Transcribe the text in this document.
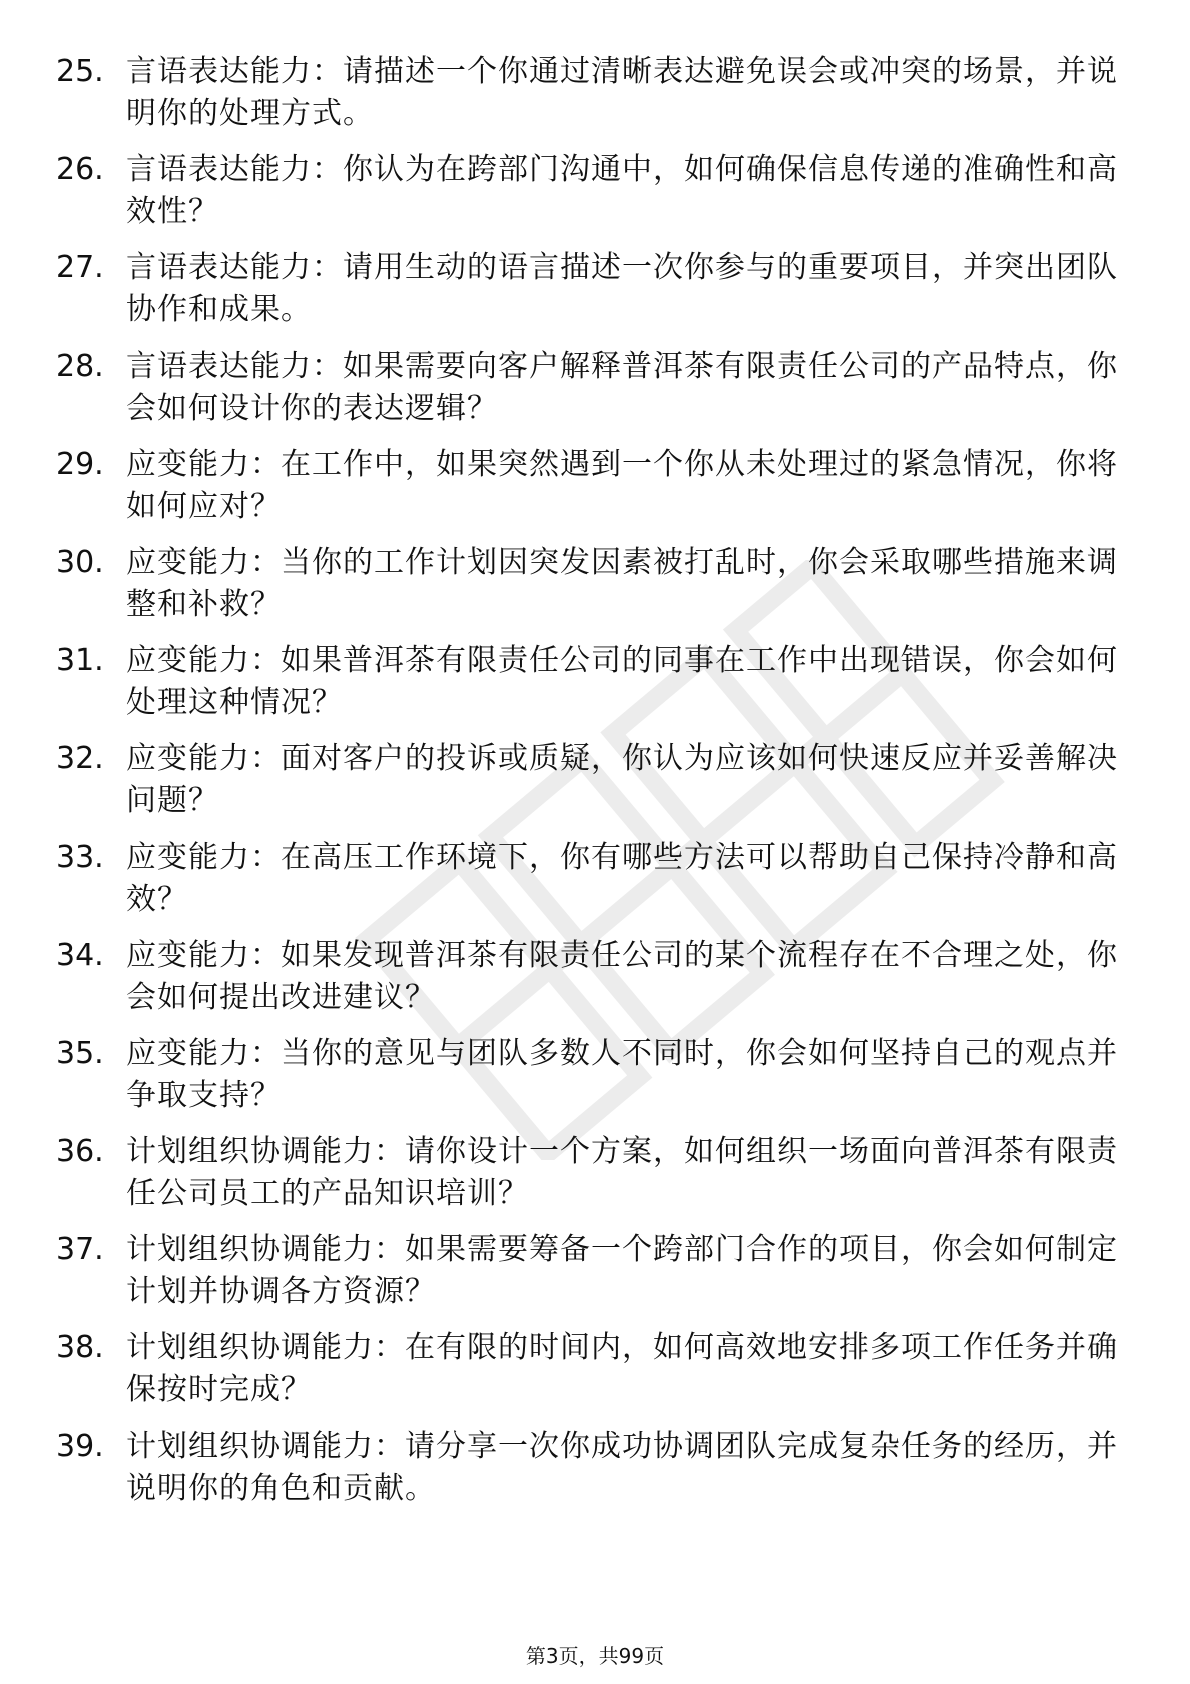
25. 言语表达能力：请描述一个你通过清晰表达避免误会或冲突的场景，并说明你的处理方式。
26. 言语表达能力：你认为在跨部门沟通中，如何确保信息传递的准确性和高效性？
27. 言语表达能力：请用生动的语言描述一次你参与的重要项目，并突出团队协作和成果。
28. 言语表达能力：如果需要向客户解释普洱茶有限责任公司的产品特点，你会如何设计你的表达逻辑？
29. 应变能力：在工作中，如果突然遇到一个你从未处理过的紧急情况，你将如何应对？
30. 应变能力：当你的工作计划因突发因素被打乱时，你会采取哪些措施来调整和补救？
31. 应变能力：如果普洱茶有限责任公司的同事在工作中出现错误，你会如何处理这种情况？
32. 应变能力：面对客户的投诉或质疑，你认为应该如何快速反应并妥善解决问题？
33. 应变能力：在高压工作环境下，你有哪些方法可以帮助自己保持冷静和高效？
34. 应变能力：如果发现普洱茶有限责任公司的某个流程存在不合理之处，你会如何提出改进建议？
35. 应变能力：当你的意见与团队多数人不同时，你会如何坚持自己的观点并争取支持？
36. 计划组织协调能力：请你设计一个方案，如何组织一场面向普洱茶有限责任公司员工的产品知识培训？
37. 计划组织协调能力：如果需要筹备一个跨部门合作的项目，你会如何制定计划并协调各方资源？
38. 计划组织协调能力：在有限的时间内，如何高效地安排多项工作任务并确保按时完成？
39. 计划组织协调能力：请分享一次你成功协调团队完成复杂任务的经历，并说明你的角色和贡献。
第3页，共99页
